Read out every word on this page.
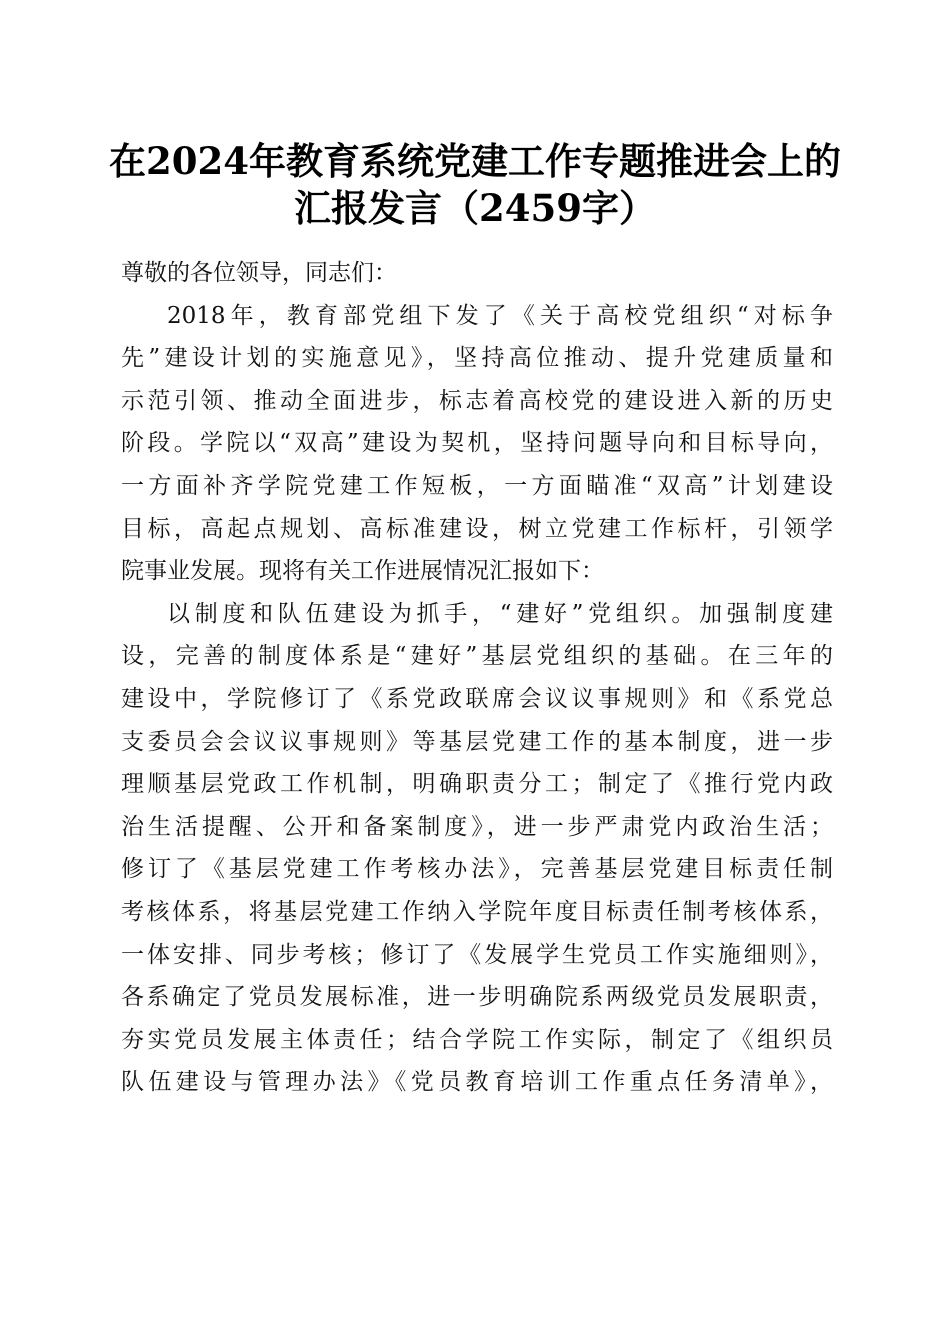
在2024年教育系统党建工作专题推进会上的
汇报发言（2459字）

尊敬的各位领导，同志们：

2018年，教育部党组下发了《关于高校党组织“对标争
先”建设计划的实施意见》，坚持高位推动、提升党建质量和
示范引领、推动全面进步，标志着高校党的建设进入新的历史
阶段。学院以“双高”建设为契机，坚持问题导向和目标导向，
一方面补齐学院党建工作短板，一方面瞄准“双高”计划建设
目标，高起点规划、高标准建设，树立党建工作标杆，引领学
院事业发展。现将有关工作进展情况汇报如下：
以制度和队伍建设为抓手，“建好”党组织。加强制度建
设，完善的制度体系是“建好”基层党组织的基础。在三年的
建设中，学院修订了《系党政联席会议议事规则》和《系党总
支委员会会议议事规则》等基层党建工作的基本制度，进一步
理顺基层党政工作机制，明确职责分工；制定了《推行党内政
治生活提醒、公开和备案制度》，进一步严肃党内政治生活；
修订了《基层党建工作考核办法》，完善基层党建目标责任制
考核体系，将基层党建工作纳入学院年度目标责任制考核体系，
一体安排、同步考核；修订了《发展学生党员工作实施细则》，
各系确定了党员发展标准，进一步明确院系两级党员发展职责，
夯实党员发展主体责任；结合学院工作实际，制定了《组织员
队伍建设与管理办法》《党员教育培训工作重点任务清单》，
